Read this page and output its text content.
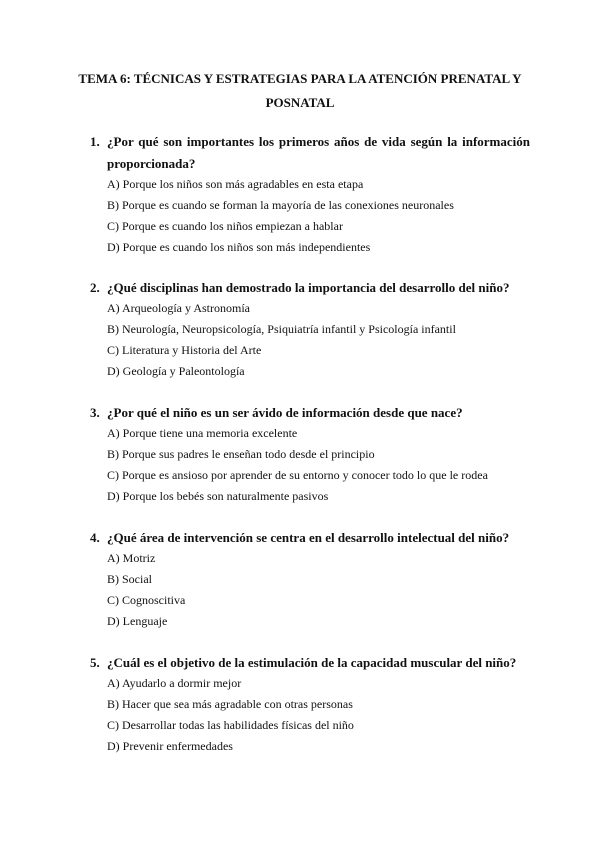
TEMA 6: TÉCNICAS Y ESTRATEGIAS PARA LA ATENCIÓN PRENATAL Y
POSNATAL
1. ¿Por qué son importantes los primeros años de vida según la información proporcionada?
A) Porque los niños son más agradables en esta etapa
B) Porque es cuando se forman la mayoría de las conexiones neuronales
C) Porque es cuando los niños empiezan a hablar
D) Porque es cuando los niños son más independientes
2. ¿Qué disciplinas han demostrado la importancia del desarrollo del niño?
A) Arqueología y Astronomía
B) Neurología, Neuropsicología, Psiquiatría infantil y Psicología infantil
C) Literatura y Historia del Arte
D) Geología y Paleontología
3. ¿Por qué el niño es un ser ávido de información desde que nace?
A) Porque tiene una memoria excelente
B) Porque sus padres le enseñan todo desde el principio
C) Porque es ansioso por aprender de su entorno y conocer todo lo que le rodea
D) Porque los bebés son naturalmente pasivos
4. ¿Qué área de intervención se centra en el desarrollo intelectual del niño?
A) Motriz
B) Social
C) Cognoscitiva
D) Lenguaje
5. ¿Cuál es el objetivo de la estimulación de la capacidad muscular del niño?
A) Ayudarlo a dormir mejor
B) Hacer que sea más agradable con otras personas
C) Desarrollar todas las habilidades físicas del niño
D) Prevenir enfermedades
